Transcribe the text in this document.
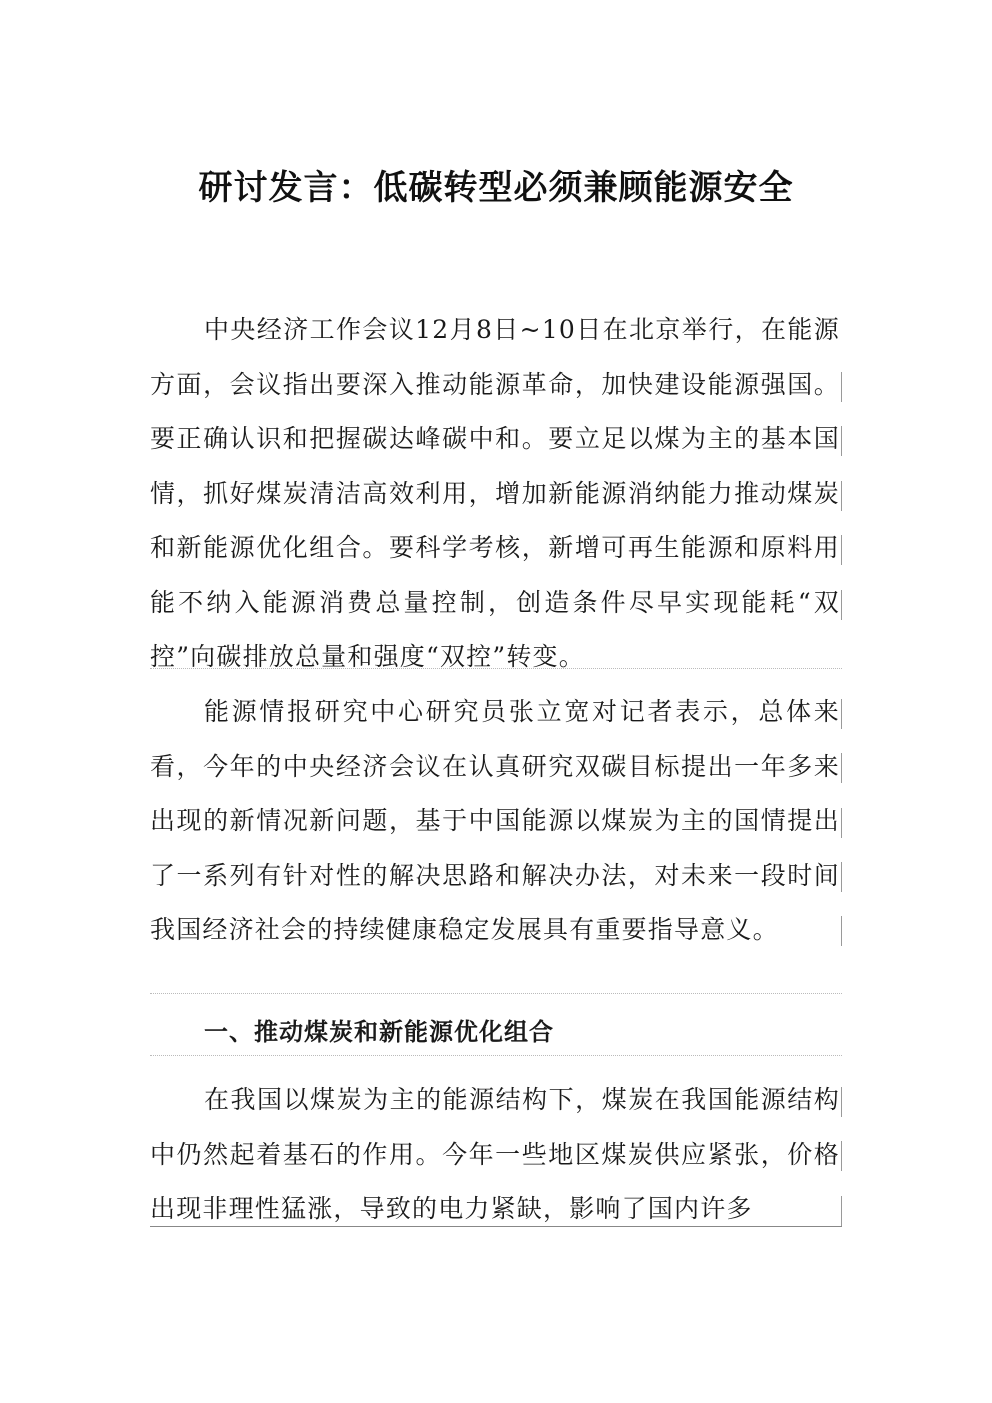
研讨发言：低碳转型必须兼顾能源安全

中央经济工作会议12月8日~10日在北京举行，在能源方面，会议指出要深入推动能源革命，加快建设能源强国。要正确认识和把握碳达峰碳中和。要立足以煤为主的基本国情，抓好煤炭清洁高效利用，增加新能源消纳能力推动煤炭和新能源优化组合。要科学考核，新增可再生能源和原料用能不纳入能源消费总量控制，创造条件尽早实现能耗“双控”向碳排放总量和强度“双控”转变。

能源情报研究中心研究员张立宽对记者表示，总体来看，今年的中央经济会议在认真研究双碳目标提出一年多来出现的新情况新问题，基于中国能源以煤炭为主的国情提出了一系列有针对性的解决思路和解决办法，对未来一段时间我国经济社会的持续健康稳定发展具有重要指导意义。

一、推动煤炭和新能源优化组合

在我国以煤炭为主的能源结构下，煤炭在我国能源结构中仍然起着基石的作用。今年一些地区煤炭供应紧张，价格出现非理性猛涨，导致的电力紧缺，影响了国内许多
